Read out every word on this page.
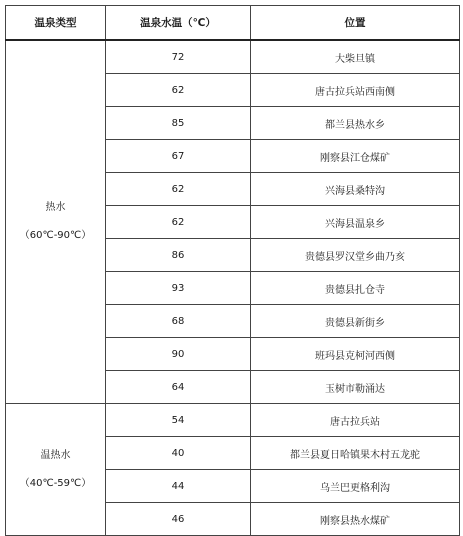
温泉类型	温泉水温（℃）	位置

热水
（60℃-90℃）	72	大柴旦镇
	62	唐古拉兵站西南侧
	85	都兰县热水乡
	67	刚察县江仓煤矿
	62	兴海县桑特沟
	62	兴海县温泉乡
	86	贵德县罗汉堂乡曲乃亥
	93	贵德县扎仓寺
	68	贵德县新街乡
	90	班玛县克柯河西侧
	64	玉树市勒涌达

温热水
（40℃-59℃）	54	唐古拉兵站
	40	都兰县夏日哈镇果木村五龙驼
	44	乌兰巴更格利沟
	46	刚察县热水煤矿
